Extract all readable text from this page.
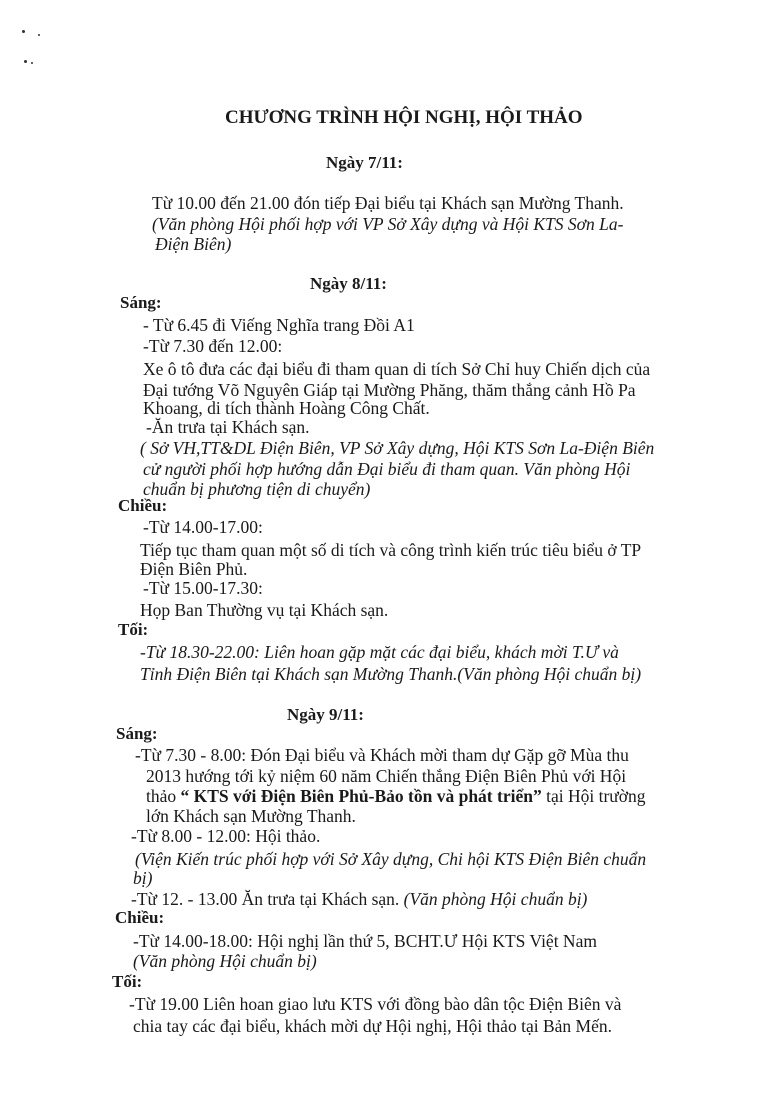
CHƯƠNG TRÌNH HỘI NGHỊ, HỘI THẢO
Ngày 7/11:
Từ 10.00 đến 21.00 đón tiếp Đại biểu tại Khách sạn Mường Thanh.
(Văn phòng Hội phối hợp với VP Sở Xây dựng và Hội KTS Sơn La-
Điện Biên)
Ngày 8/11:
Sáng:
- Từ 6.45 đi Viếng Nghĩa trang Đồi A1
-Từ 7.30 đến 12.00:
Xe ô tô đưa các đại biểu đi tham quan di tích Sở Chỉ huy Chiến dịch của
Đại tướng Võ Nguyên Giáp tại Mường Phăng, thăm thắng cảnh Hồ Pa
Khoang, di tích thành Hoàng Công Chất.
-Ăn trưa tại Khách sạn.
( Sở VH,TT&DL Điện Biên, VP Sở Xây dựng, Hội KTS Sơn La-Điện Biên
cử người phối hợp hướng dẫn Đại biểu đi tham quan. Văn phòng Hội
chuẩn bị phương tiện di chuyển)
Chiều:
-Từ 14.00-17.00:
Tiếp tục tham quan một số di tích và công trình kiến trúc tiêu biểu ở TP
Điện Biên Phủ.
-Từ 15.00-17.30:
Họp Ban Thường vụ tại Khách sạn.
Tối:
-Từ 18.30-22.00: Liên hoan gặp mặt các đại biểu, khách mời T.Ư và
Tỉnh Điện Biên tại Khách sạn Mường Thanh.(Văn phòng Hội chuẩn bị)
Ngày 9/11:
Sáng:
-Từ 7.30 - 8.00: Đón Đại biểu và Khách mời tham dự Gặp gỡ Mùa thu
2013 hướng tới kỷ niệm 60 năm Chiến thắng Điện Biên Phủ với Hội
thảo “ KTS với Điện Biên Phủ-Bảo tồn và phát triển” tại Hội trường
lớn Khách sạn Mường Thanh.
-Từ 8.00 - 12.00: Hội thảo.
(Viện Kiến trúc phối hợp với Sở Xây dựng, Chi hội KTS Điện Biên chuẩn
bị)
-Từ 12. - 13.00 Ăn trưa tại Khách sạn. (Văn phòng Hội chuẩn bị)
Chiều:
-Từ 14.00-18.00: Hội nghị lần thứ 5, BCHT.Ư Hội KTS Việt Nam
(Văn phòng Hội chuẩn bị)
Tối:
-Từ 19.00 Liên hoan giao lưu KTS với đồng bào dân tộc Điện Biên và
chia tay các đại biểu, khách mời dự Hội nghị, Hội thảo tại Bản Mến.
